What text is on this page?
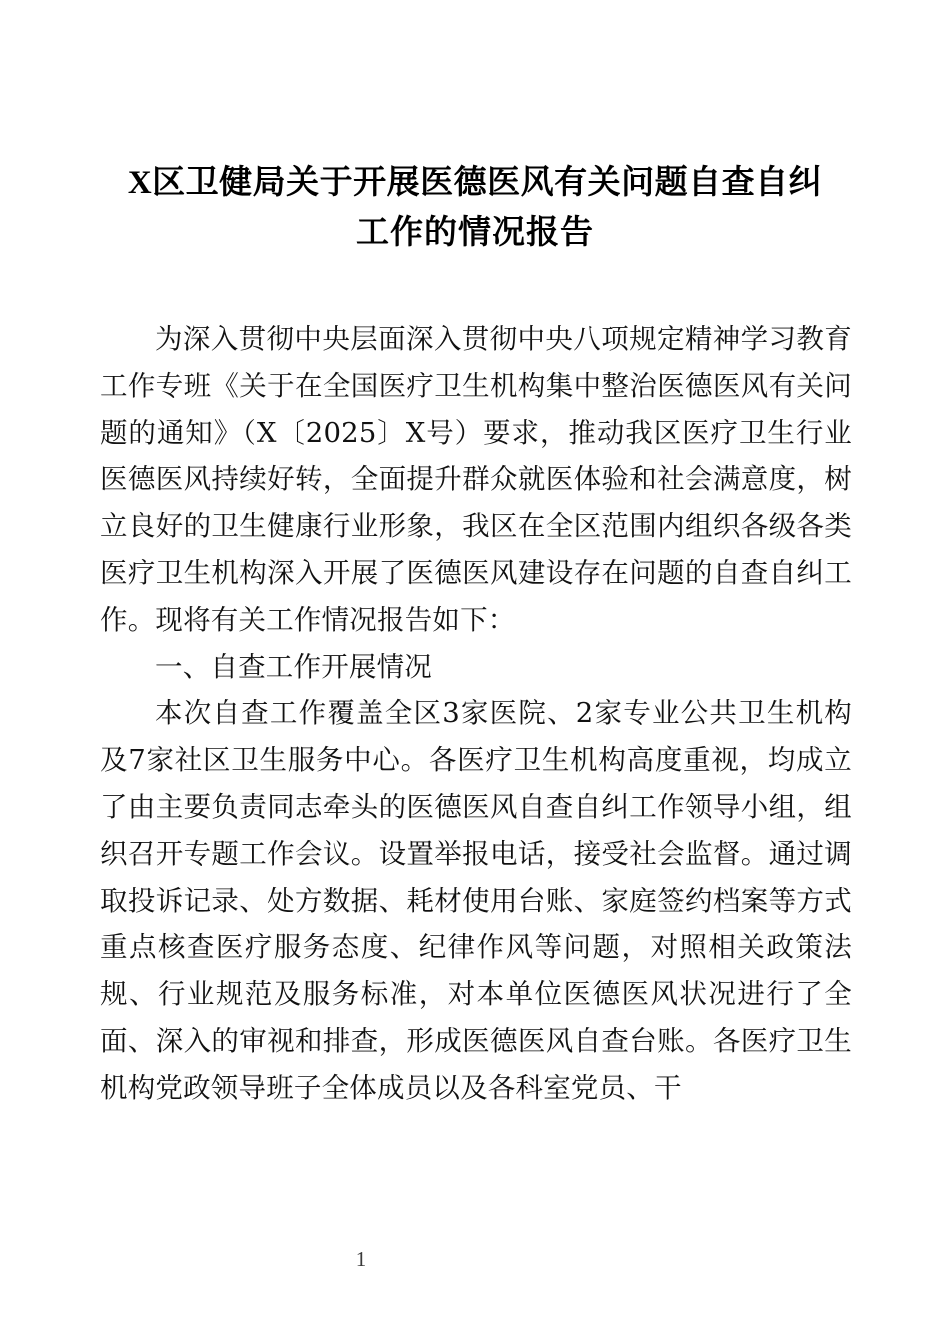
X区卫健局关于开展医德医风有关问题自查自纠
工作的情况报告

为深入贯彻中央层面深入贯彻中央八项规定精神学习教育工作专班《关于在全国医疗卫生机构集中整治医德医风有关问题的通知》（X〔2025〕X号）要求，推动我区医疗卫生行业医德医风持续好转，全面提升群众就医体验和社会满意度，树立良好的卫生健康行业形象，我区在全区范围内组织各级各类医疗卫生机构深入开展了医德医风建设存在问题的自查自纠工作。现将有关工作情况报告如下：

一、自查工作开展情况

本次自查工作覆盖全区3家医院、2家专业公共卫生机构及7家社区卫生服务中心。各医疗卫生机构高度重视，均成立了由主要负责同志牵头的医德医风自查自纠工作领导小组，组织召开专题工作会议。设置举报电话，接受社会监督。通过调取投诉记录、处方数据、耗材使用台账、家庭签约档案等方式重点核查医疗服务态度、纪律作风等问题，对照相关政策法规、行业规范及服务标准，对本单位医德医风状况进行了全面、深入的审视和排查，形成医德医风自查台账。各医疗卫生机构党政领导班子全体成员以及各科室党员、干

1
